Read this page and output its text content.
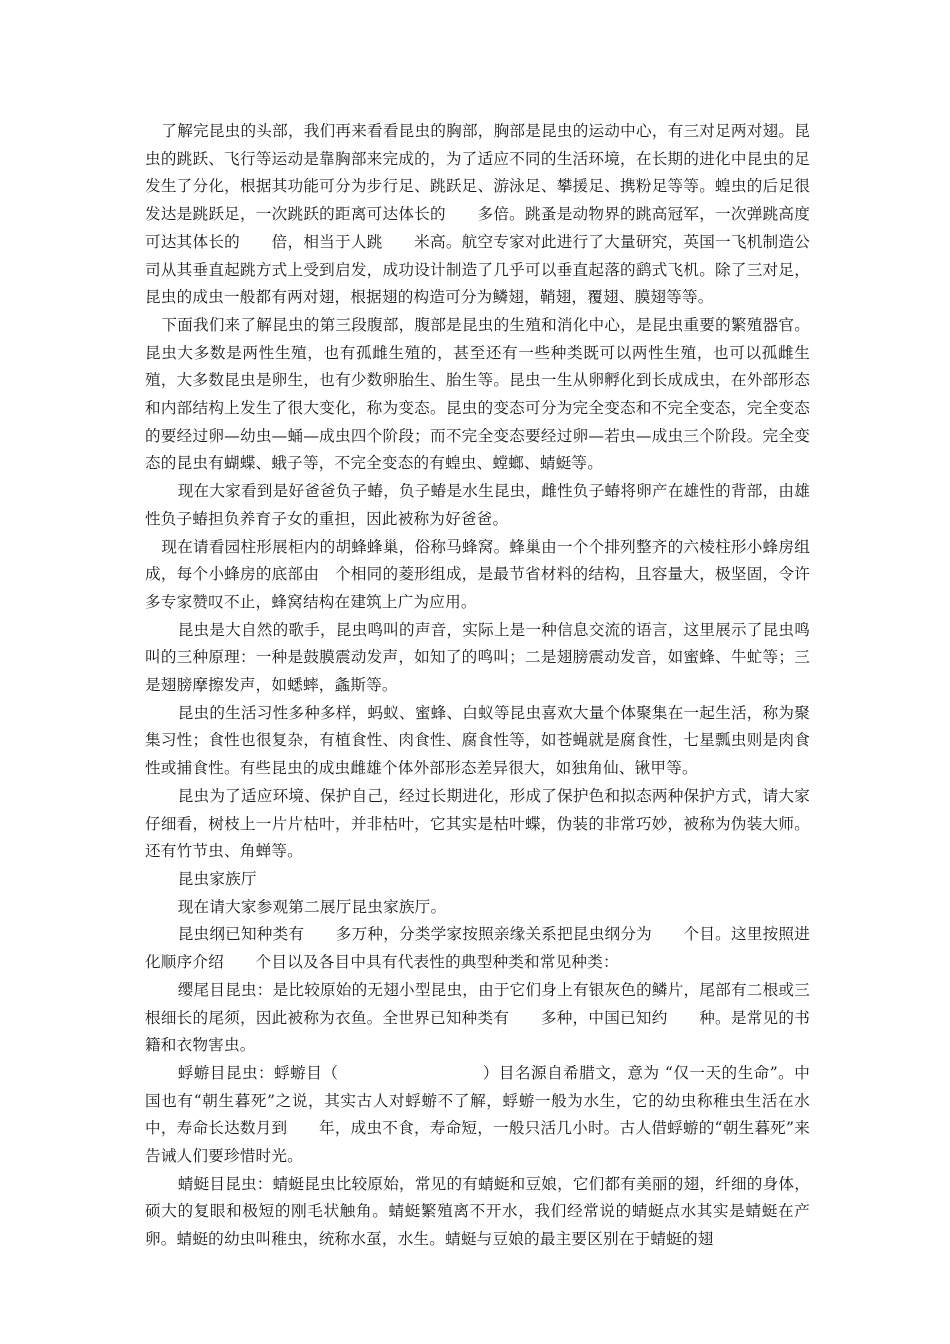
了解完昆虫的头部，我们再来看看昆虫的胸部，胸部是昆虫的运动中心，有三对足两对翅。昆虫的跳跃、飞行等运动是靠胸部来完成的，为了适应不同的生活环境，在长期的进化中昆虫的足发生了分化，根据其功能可分为步行足、跳跃足、游泳足、攀援足、携粉足等等。蝗虫的后足很发达是跳跃足，一次跳跃的距离可达体长的　　多倍。跳蚤是动物界的跳高冠军，一次弹跳高度可达其体长的　　倍，相当于人跳　　米高。航空专家对此进行了大量研究，英国一飞机制造公司从其垂直起跳方式上受到启发，成功设计制造了几乎可以垂直起落的鹞式飞机。除了三对足，昆虫的成虫一般都有两对翅，根据翅的构造可分为鳞翅，鞘翅，覆翅、膜翅等等。

下面我们来了解昆虫的第三段腹部，腹部是昆虫的生殖和消化中心，是昆虫重要的繁殖器官。昆虫大多数是两性生殖，也有孤雌生殖的，甚至还有一些种类既可以两性生殖，也可以孤雌生殖，大多数昆虫是卵生，也有少数卵胎生、胎生等。昆虫一生从卵孵化到长成成虫，在外部形态和内部结构上发生了很大变化，称为变态。昆虫的变态可分为完全变态和不完全变态，完全变态的要经过卵—幼虫—蛹—成虫四个阶段；而不完全变态要经过卵—若虫—成虫三个阶段。完全变态的昆虫有蝴蝶、蛾子等，不完全变态的有蝗虫、螳螂、蜻蜓等。

现在大家看到是好爸爸负子蝽，负子蝽是水生昆虫，雌性负子蝽将卵产在雄性的背部，由雄性负子蝽担负养育子女的重担，因此被称为好爸爸。

现在请看园柱形展柜内的胡蜂蜂巢，俗称马蜂窝。蜂巢由一个个排列整齐的六棱柱形小蜂房组成，每个小蜂房的底部由　个相同的菱形组成，是最节省材料的结构，且容量大，极坚固，令许多专家赞叹不止，蜂窝结构在建筑上广为应用。

昆虫是大自然的歌手，昆虫鸣叫的声音，实际上是一种信息交流的语言，这里展示了昆虫鸣叫的三种原理：一种是鼓膜震动发声，如知了的鸣叫；二是翅膀震动发音，如蜜蜂、牛虻等；三是翅膀摩擦发声，如蟋蟀，螽斯等。

昆虫的生活习性多种多样，蚂蚁、蜜蜂、白蚁等昆虫喜欢大量个体聚集在一起生活，称为聚集习性；食性也很复杂，有植食性、肉食性、腐食性等，如苍蝇就是腐食性，七星瓢虫则是肉食性或捕食性。有些昆虫的成虫雌雄个体外部形态差异很大，如独角仙、锹甲等。

昆虫为了适应环境、保护自己，经过长期进化，形成了保护色和拟态两种保护方式，请大家仔细看，树枝上一片片枯叶，并非枯叶，它其实是枯叶蝶，伪装的非常巧妙，被称为伪装大师。还有竹节虫、角蝉等。

昆虫家族厅

现在请大家参观第二展厅昆虫家族厅。

昆虫纲已知种类有　　多万种，分类学家按照亲缘关系把昆虫纲分为　　个目。这里按照进化顺序介绍　　个目以及各目中具有代表性的典型种类和常见种类：

缨尾目昆虫：是比较原始的无翅小型昆虫，由于它们身上有银灰色的鳞片，尾部有二根或三根细长的尾须，因此被称为衣鱼。全世界已知种类有　　多种，中国已知约　　种。是常见的书籍和衣物害虫。

蜉蝣目昆虫：蜉蝣目（　　　　　　　　　）目名源自希腊文，意为 “仅一天的生命”。中国也有“朝生暮死”之说，其实古人对蜉蝣不了解，蜉蝣一般为水生，它的幼虫称稚虫生活在水中，寿命长达数月到　　年，成虫不食，寿命短，一般只活几小时。古人借蜉蝣的“朝生暮死”来告诫人们要珍惜时光。

蜻蜓目昆虫：蜻蜓昆虫比较原始，常见的有蜻蜓和豆娘，它们都有美丽的翅，纤细的身体，硕大的复眼和极短的刚毛状触角。蜻蜓繁殖离不开水，我们经常说的蜻蜓点水其实是蜻蜓在产卵。蜻蜓的幼虫叫稚虫，统称水虿，水生。蜻蜓与豆娘的最主要区别在于蜻蜓的翅
